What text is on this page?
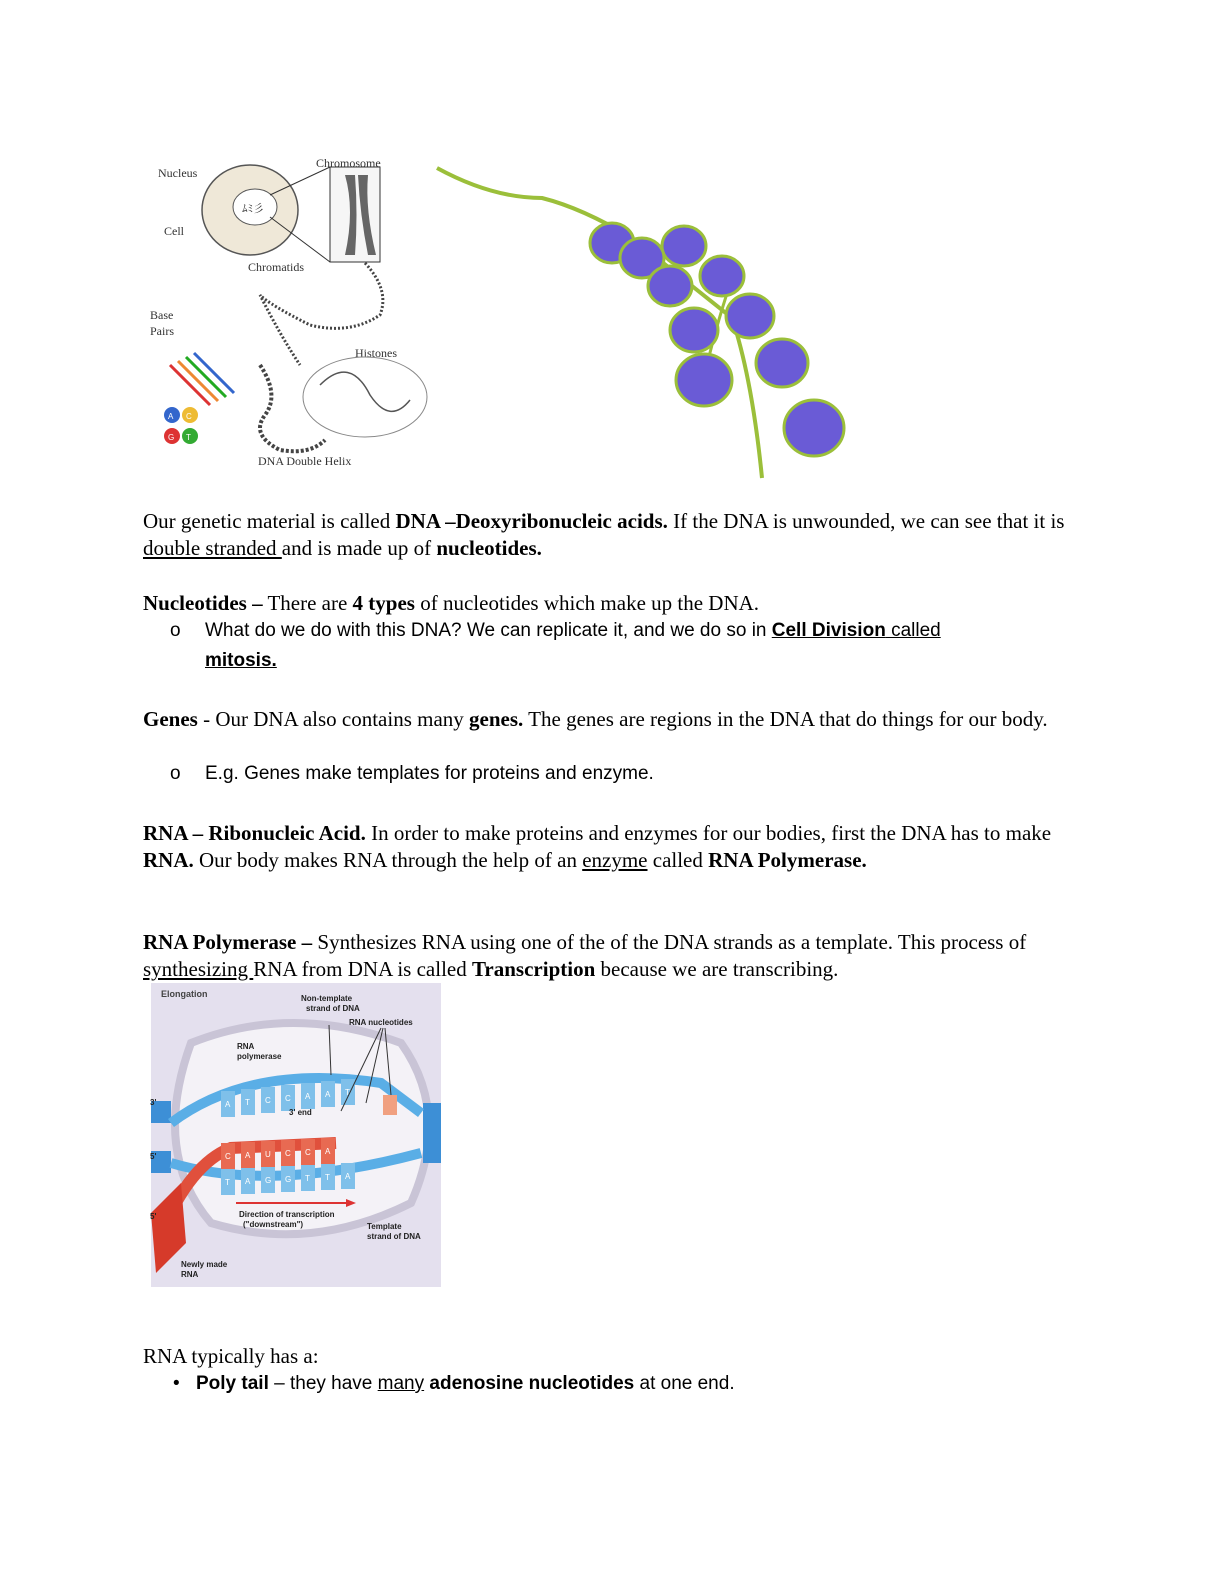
ﾑﾐ彡
Nucleus
Chromosome
Cell
Chromatids
Base
Pairs
Histones
DNA Double Helix
A C
G T
Our genetic material is called DNA –Deoxyribonucleic acids. If the DNA is unwounded, we can see that it is double stranded and is made up of nucleotides.
Nucleotides – There are 4 types of nucleotides which make up the DNA.
o What do we do with this DNA? We can replicate it, and we do so in Cell Division called
mitosis.
Genes - Our DNA also contains many genes. The genes are regions in the DNA that do things for our body.
o E.g. Genes make templates for proteins and enzyme.
RNA – Ribonucleic Acid. In order to make proteins and enzymes for our bodies, first the DNA has to make RNA. Our body makes RNA through the help of an enzyme called RNA Polymerase.
RNA Polymerase – Synthesizes RNA using one of the of the DNA strands as a template. This process of synthesizing RNA from DNA is called Transcription because we are transcribing.
A T C C A A T
C A U C C A
T A G G T T A
Elongation	Non-template
strand of DNA
RNA nucleotides
RNA
polymerase
3' end
3'
5'
5'	Direction of transcription
("downstream")	Template
strand of DNA
Newly made
RNA
RNA typically has a:
• Poly tail – they have many adenosine nucleotides at one end.
